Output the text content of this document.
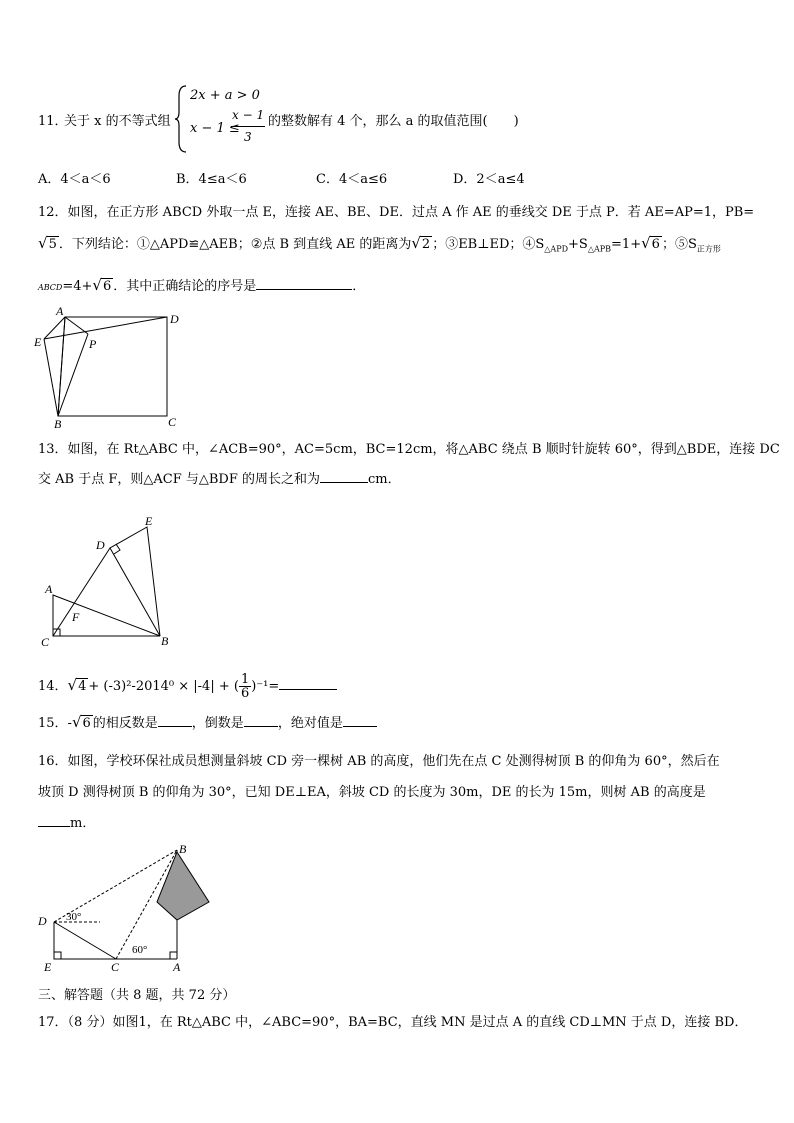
11．
关于 x 的不等式组
2x + a > 0
x − 1 ≤
x − 1
3
的整数解有 4 个，那么 a 的取值范围(　　)
A．4＜a＜6	B．4≤a＜6	C．4＜a≤6	D．2＜a≤4
12．如图，在正方形 ABCD 外取一点 E，连接 AE、BE、DE．过点 A 作 AE 的垂线交 DE 于点 P．若 AE=AP=1，PB=
√5 ．下列结论：①△APD≌△AEB；②点 B 到直线 AE 的距离为√2 ；③EB⊥ED；$④S_{\triangle APD}+S_{\triangle APB}=1+√6$ ；$⑤S_{正方形}$
ABCD=4+√6 ．其中正确结论的序号是	．
A
D
E	P
B	C
13．如图，在 Rt△ABC 中，∠ACB=90°，AC=5cm，BC=12cm，将△ABC 绕点 B 顺时针旋转 60°，得到△BDE，连接 DC
交 AB 于点 F，则△ACF 与△BDF 的周长之和为	cm．
A
C	B
D
E
F
14．√4 + (-3)²-2014⁰ × |-4| + ( $\frac{1}{6} )^{-1}=$
15．-√6 的相反数是	，倒数是	，绝对值是
16．如图，学校环保社成员想测量斜坡 CD 旁一棵树 AB 的高度，他们先在点 C 处测得树顶 B 的仰角为 60°，然后在
坡顶 D 测得树顶 B 的仰角为 30°，已知 DE⊥EA，斜坡 CD 的长度为 30m，DE 的长为 15m，则树 AB 的高度是
m．
D
E	C	A
B
30°
60°
三、解答题（共 8 题，共 72 分）
17．（8 分）如图1，在 Rt△ABC 中，∠ABC=90°，BA=BC，直线 MN 是过点 A 的直线 CD⊥MN 于点 D，连接 BD．
